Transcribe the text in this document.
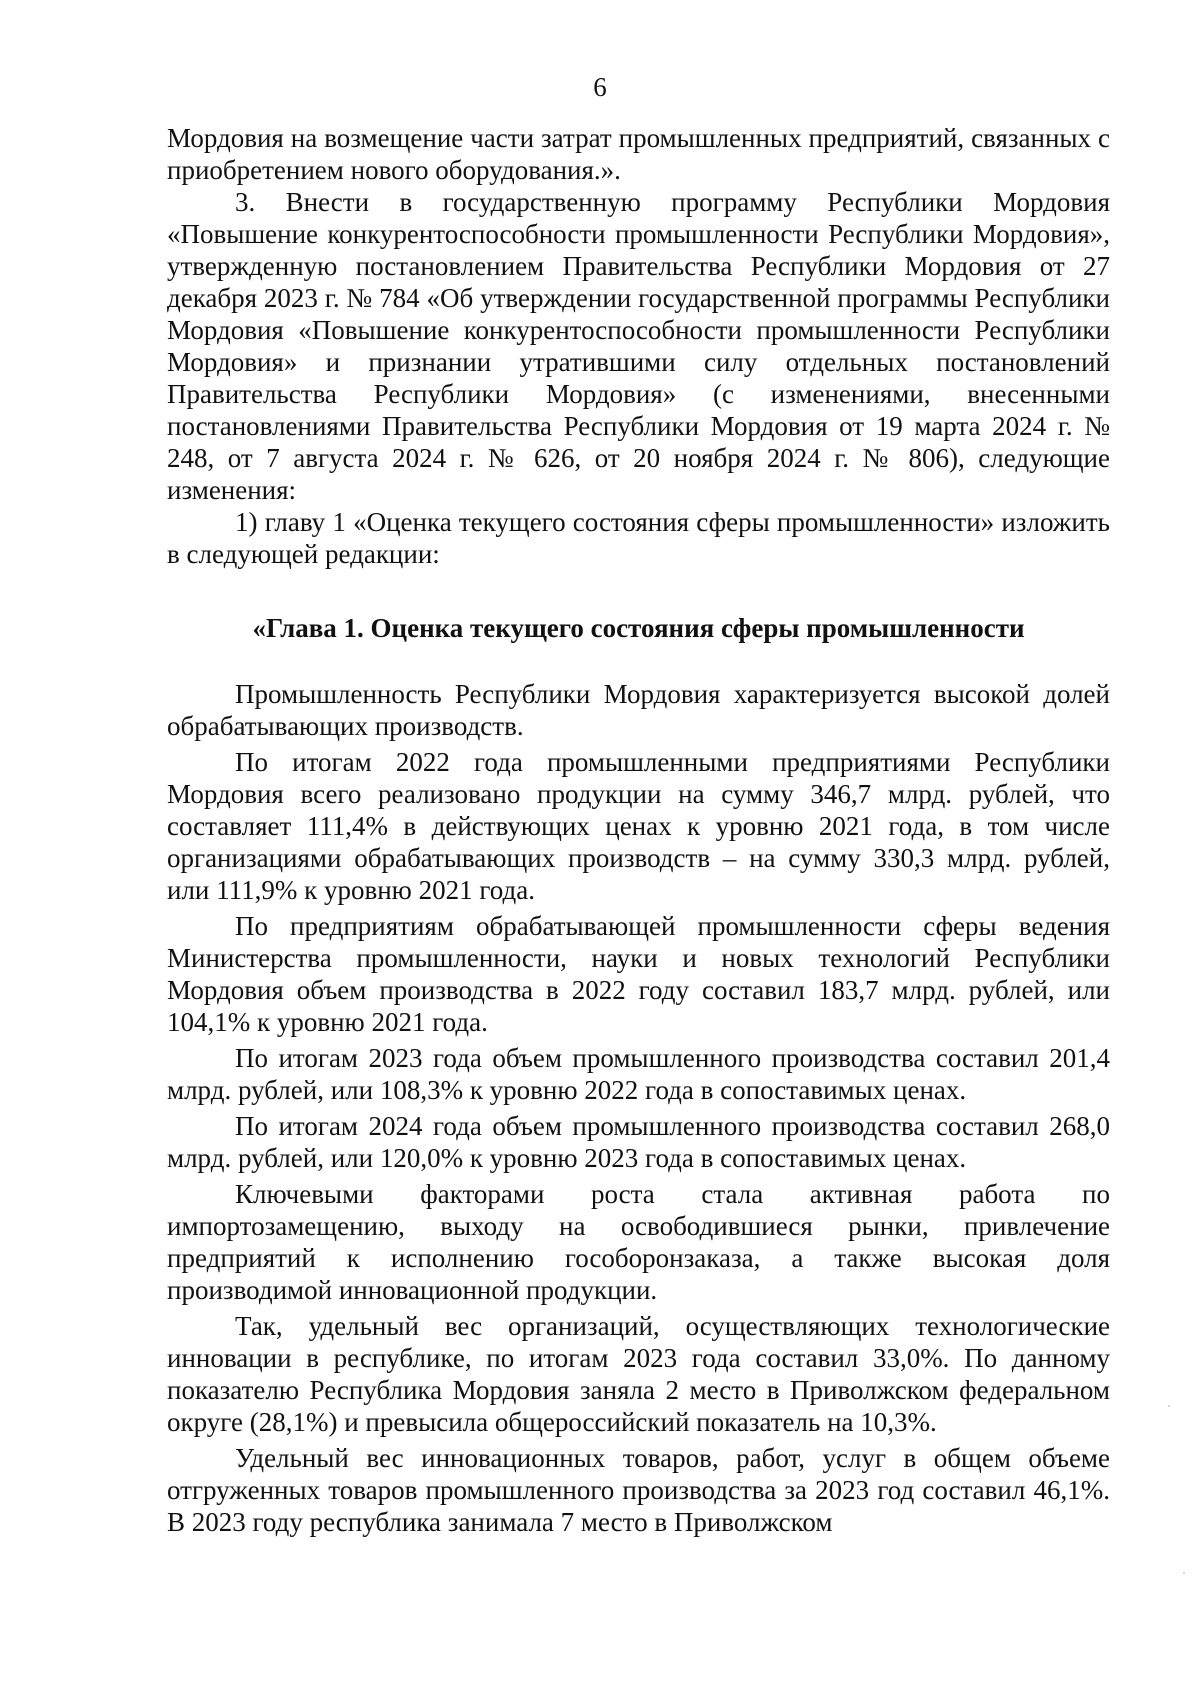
6

Мордовия на возмещение части затрат промышленных предприятий, связанных с приобретением нового оборудования.».

3. Внести в государственную программу Республики Мордовия «Повышение конкурентоспособности промышленности Республики Мордовия», утвержденную постановлением Правительства Республики Мордовия от 27 декабря 2023 г. № 784 «Об утверждении государственной программы Республики Мордовия «Повышение конкурентоспособности промышленности Республики Мордовия» и признании утратившими силу отдельных постановлений Правительства Республики Мордовия» (с изменениями, внесенными постановлениями Правительства Республики Мордовия от 19 марта 2024 г. № 248, от 7 августа 2024 г. № 626, от 20 ноября 2024 г. № 806), следующие изменения:

1) главу 1 «Оценка текущего состояния сферы промышленности» изложить в следующей редакции:

«Глава 1. Оценка текущего состояния сферы промышленности

Промышленность Республики Мордовия характеризуется высокой долей обрабатывающих производств.

По итогам 2022 года промышленными предприятиями Республики Мордовия всего реализовано продукции на сумму 346,7 млрд. рублей, что составляет 111,4% в действующих ценах к уровню 2021 года, в том числе организациями обрабатывающих производств – на сумму 330,3 млрд. рублей, или 111,9% к уровню 2021 года.

По предприятиям обрабатывающей промышленности сферы ведения Министерства промышленности, науки и новых технологий Республики Мордовия объем производства в 2022 году составил 183,7 млрд. рублей, или 104,1% к уровню 2021 года.

По итогам 2023 года объем промышленного производства составил 201,4 млрд. рублей, или 108,3% к уровню 2022 года в сопоставимых ценах.

По итогам 2024 года объем промышленного производства составил 268,0 млрд. рублей, или 120,0% к уровню 2023 года в сопоставимых ценах.

Ключевыми факторами роста стала активная работа по импортозамещению, выходу на освободившиеся рынки, привлечение предприятий к исполнению гособоронзаказа, а также высокая доля производимой инновационной продукции.

Так, удельный вес организаций, осуществляющих технологические инновации в республике, по итогам 2023 года составил 33,0%. По данному показателю Республика Мордовия заняла 2 место в Приволжском федеральном округе (28,1%) и превысила общероссийский показатель на 10,3%.

Удельный вес инновационных товаров, работ, услуг в общем объеме отгруженных товаров промышленного производства за 2023 год составил 46,1%. В 2023 году республика занимала 7 место в Приволжском
